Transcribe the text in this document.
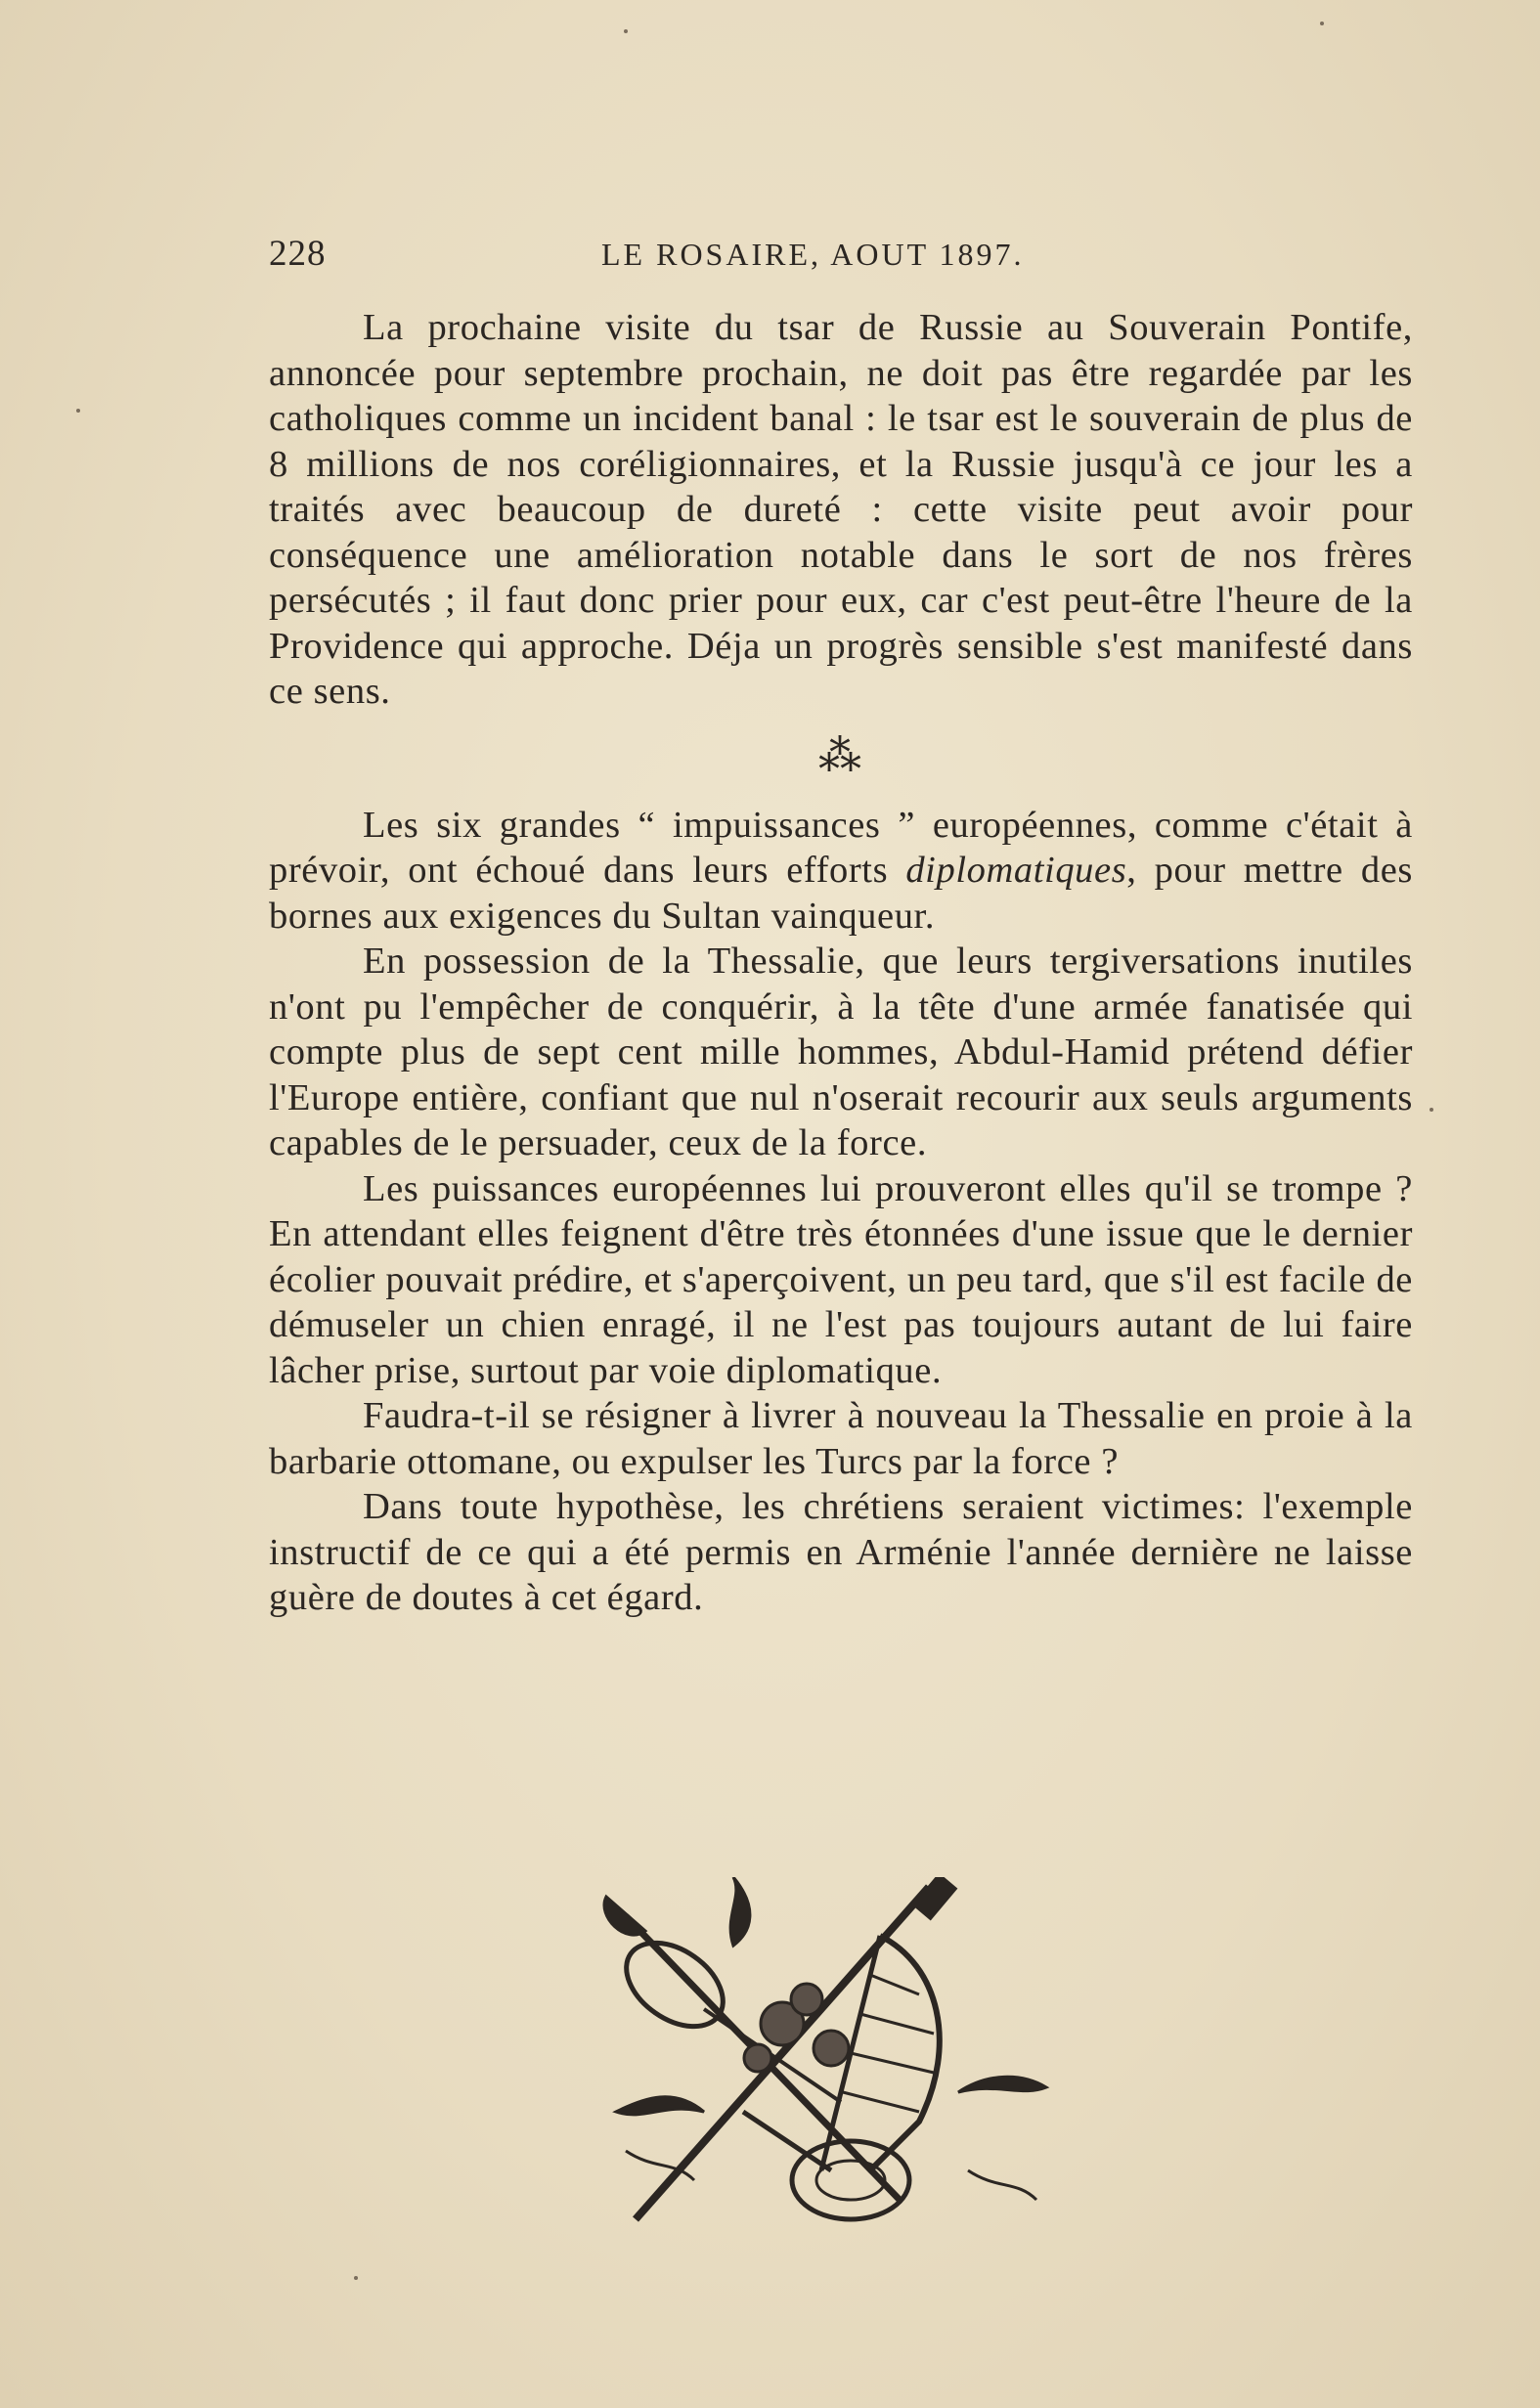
228	LE ROSAIRE, AOUT 1897.

La prochaine visite du tsar de Russie au Souverain Pontife, annoncée pour septembre prochain, ne doit pas être regardée par les catholiques comme un incident banal : le tsar est le souverain de plus de 8 millions de nos coréligionnaires, et la Russie jusqu'à ce jour les a traités avec beaucoup de dureté : cette visite peut avoir pour conséquence une amélioration notable dans le sort de nos frères persécutés ; il faut donc prier pour eux, car c'est peut-être l'heure de la Providence qui approche. Déja un progrès sensible s'est manifesté dans ce sens.

⁂

Les six grandes “ impuissances ” européennes, comme c'était à prévoir, ont échoué dans leurs efforts diplomatiques, pour mettre des bornes aux exigences du Sultan vainqueur.

En possession de la Thessalie, que leurs tergiversations inutiles n'ont pu l'empêcher de conquérir, à la tête d'une armée fanatisée qui compte plus de sept cent mille hommes, Abdul-Hamid prétend défier l'Europe entière, confiant que nul n'oserait recourir aux seuls arguments capables de le persuader, ceux de la force.

Les puissances européennes lui prouveront elles qu'il se trompe ? En attendant elles feignent d'être très étonnées d'une issue que le dernier écolier pouvait prédire, et s'aperçoivent, un peu tard, que s'il est facile de démuseler un chien enragé, il ne l'est pas toujours autant de lui faire lâcher prise, surtout par voie diplomatique.

Faudra-t-il se résigner à livrer à nouveau la Thessalie en proie à la barbarie ottomane, ou expulser les Turcs par la force ?

Dans toute hypothèse, les chrétiens seraient victimes: l'exemple instructif de ce qui a été permis en Arménie l'année dernière ne laisse guère de doutes à cet égard.
